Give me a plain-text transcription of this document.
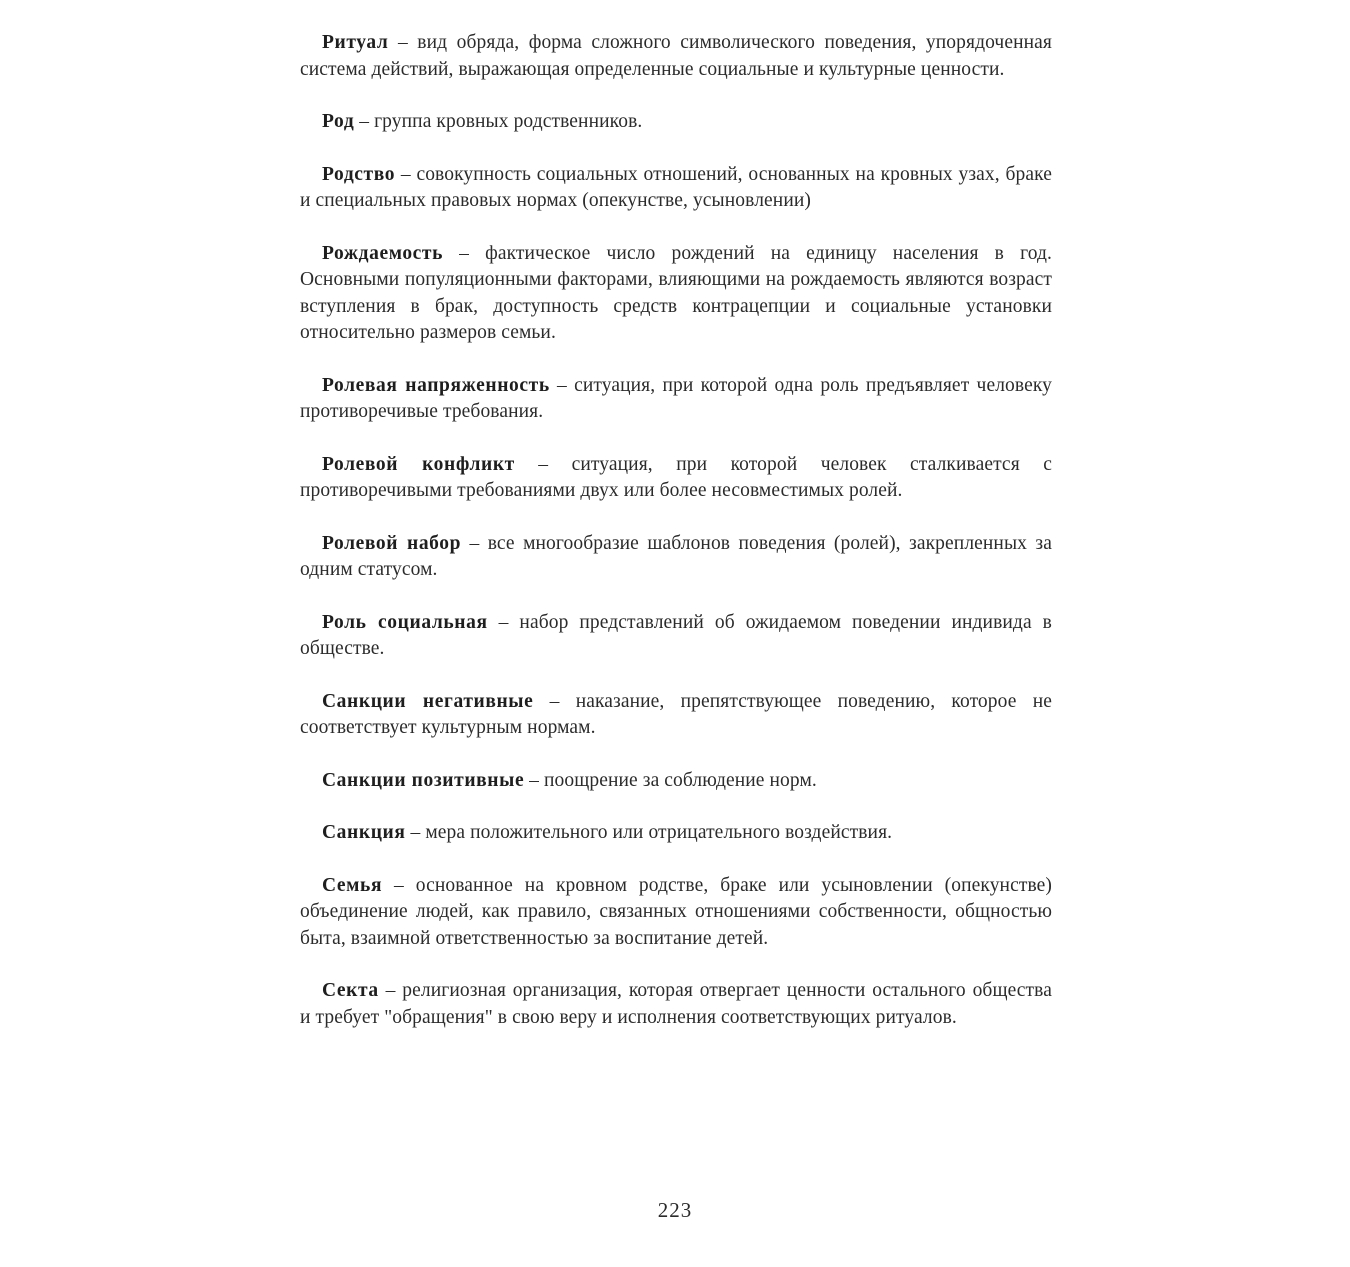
Ритуал – вид обряда, форма сложного символического поведения, упорядоченная система действий, выражающая определенные социальные и культурные ценности.

Род – группа кровных родственников.

Родство – совокупность социальных отношений, основанных на кровных узах, браке и специальных правовых нормах (опекунстве, усыновлении)

Рождаемость – фактическое число рождений на единицу населения в год. Основными популяционными факторами, влияющими на рождаемость являются возраст вступления в брак, доступность средств контрацепции и социальные установки относительно размеров семьи.

Ролевая напряженность – ситуация, при которой одна роль предъявляет человеку противоречивые требования.

Ролевой конфликт – ситуация, при которой человек сталкивается с противоречивыми требованиями двух или более несовместимых ролей.

Ролевой набор – все многообразие шаблонов поведения (ролей), закрепленных за одним статусом.

Роль социальная – набор представлений об ожидаемом поведении индивида в обществе.

Санкции негативные – наказание, препятствующее поведению, которое не соответствует культурным нормам.

Санкции позитивные – поощрение за соблюдение норм.

Санкция – мера положительного или отрицательного воздействия.

Семья – основанное на кровном родстве, браке или усыновлении (опекунстве) объединение людей, как правило, связанных отношениями собственности, общностью быта, взаимной ответственностью за воспитание детей.

Секта – религиозная организация, которая отвергает ценности остального общества и требует "обращения" в свою веру и исполнения соответствующих ритуалов.

223
